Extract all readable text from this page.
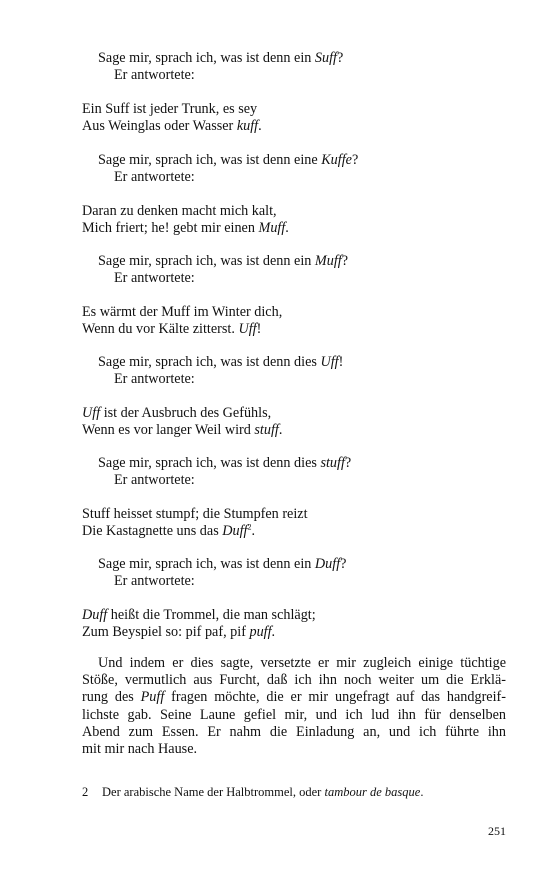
Sage mir, sprach ich, was ist denn ein Suff?
Er antwortete:
Ein Suff ist jeder Trunk, es sey
Aus Weinglas oder Wasser kuff.
Sage mir, sprach ich, was ist denn eine Kuffe?
Er antwortete:
Daran zu denken macht mich kalt,
Mich friert; he! gebt mir einen Muff.
Sage mir, sprach ich, was ist denn ein Muff?
Er antwortete:
Es wärmt der Muff im Winter dich,
Wenn du vor Kälte zitterst. Uff!
Sage mir, sprach ich, was ist denn dies Uff!
Er antwortete:
Uff ist der Ausbruch des Gefühls,
Wenn es vor langer Weil wird stuff.
Sage mir, sprach ich, was ist denn dies stuff?
Er antwortete:
Stuff heisset stumpf; die Stumpfen reizt
Die Kastagnette uns das Duff$^2$.
Sage mir, sprach ich, was ist denn ein Duff?
Er antwortete:
Duff heißt die Trommel, die man schlägt;
Zum Beyspiel so: pif paf, pif puff.
Und indem er dies sagte, versetzte er mir zugleich einige tüchtige
Stöße, vermutlich aus Furcht, daß ich ihn noch weiter um die Erklä-
rung des Puff fragen möchte, die er mir ungefragt auf das handgreif-
lichste gab. Seine Laune gefiel mir, und ich lud ihn für denselben
Abend zum Essen. Er nahm die Einladung an, und ich führte ihn
mit mir nach Hause.
2 Der arabische Name der Halbtrommel, oder tambour de basque.
251
